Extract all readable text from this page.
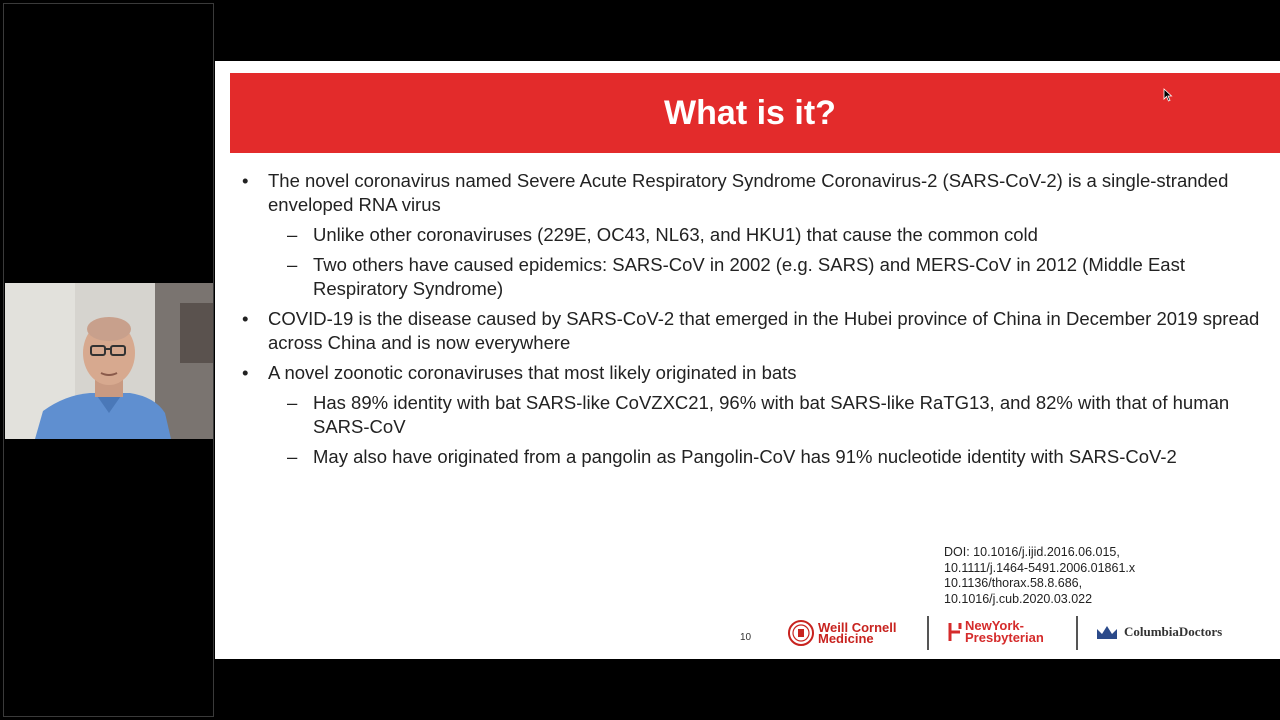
What is it?
• The novel coronavirus named Severe Acute Respiratory Syndrome Coronavirus-2 (SARS-CoV-2) is a single-stranded enveloped RNA virus
– Unlike other coronaviruses (229E, OC43, NL63, and HKU1) that cause the common cold
– Two others have caused epidemics: SARS-CoV in 2002 (e.g. SARS) and MERS-CoV in 2012 (Middle East Respiratory Syndrome)
• COVID-19 is the disease caused by SARS-CoV-2 that emerged in the Hubei province of China in December 2019 spread across China and is now everywhere
• A novel zoonotic coronaviruses that most likely originated in bats
– Has 89% identity with bat SARS-like CoVZXC21, 96% with bat SARS-like RaTG13, and 82% with that of human SARS-CoV
– May also have originated from a pangolin as Pangolin-CoV has 91% nucleotide identity with SARS-CoV-2
DOI: 10.1016/j.ijid.2016.06.015,
10.1111/j.1464-5491.2006.01861.x
10.1136/thorax.58.8.686,
10.1016/j.cub.2020.03.022
10
Weill Cornell
Medicine
NewYork-
Presbyterian	ColumbiaDoctors
